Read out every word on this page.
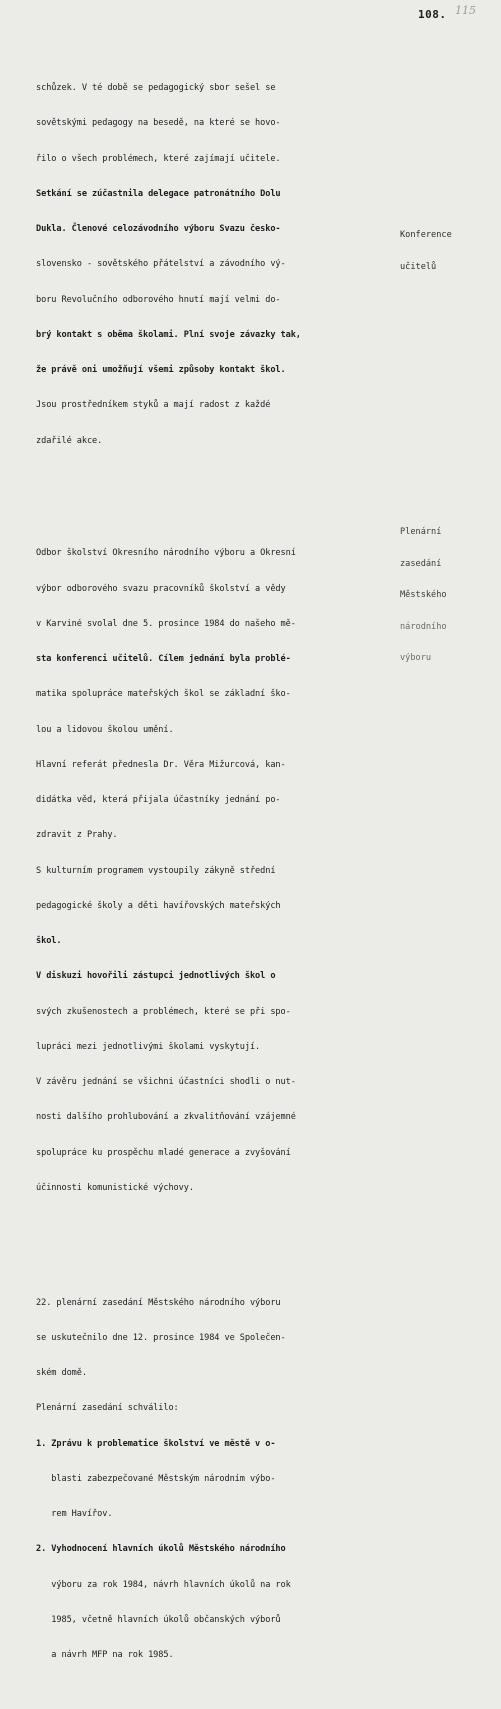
108. 115

schůzek. V té době se pedagogický sbor sešel se

sovětskými pedagogy na besedě, na které se hovo-

řilo o všech problémech, které zajímají učitele.

Setkání se zúčastnila delegace patronátního Dolu

Dukla. Členové celozávodního výboru Svazu česko-

slovensko - sovětského přátelství a závodního vý-

boru Revolučního odborového hnutí mají velmi do-

brý kontakt s oběma školami. Plní svoje závazky tak,

že právě oni umožňují všemi způsoby kontakt škol.

Jsou prostředníkem styků a mají radost z každé

zdařilé akce.

Odbor školství Okresního národního výboru a Okresní

výbor odborového svazu pracovníků školství a vědy

v Karviné svolal dne 5. prosince 1984 do našeho mě-

sta konferenci učitelů. Cílem jednání byla problé-

matika spolupráce mateřských škol se základní ško-

lou a lidovou školou umění.

Hlavní referát přednesla Dr. Věra Mižurcová, kan-

didátka věd, která přijala účastníky jednání po-

zdravit z Prahy.

S kulturním programem vystoupily zákyně střední

pedagogické školy a děti havířovských mateřských

škol.

V diskuzi hovořili zástupci jednotlivých škol o

svých zkušenostech a problémech, které se při spo-

lupráci mezi jednotlivými školami vyskytují.

V závěru jednání se všichni účastníci shodli o nut-

nosti dalšího prohlubování a zkvalitňování vzájemné

spolupráce ku prospěchu mladé generace a zvyšování

účinnosti komunistické výchovy.

22. plenární zasedání Městského národního výboru

se uskutečnilo dne 12. prosince 1984 ve Společen-

ském domě.

Plenární zasedání schválilo:

1. Zprávu k problematice školství ve městě v o-

blasti zabezpečované Městským národním výbo-

rem Havířov.

2. Vyhodnocení hlavních úkolů Městského národního

výboru za rok 1984, návrh hlavních úkolů na rok

1985, včetně hlavních úkolů občanských výborů

a návrh MFP na rok 1985.

Konference

učitelů

Plenární

zasedání

Městského

národního

výboru
